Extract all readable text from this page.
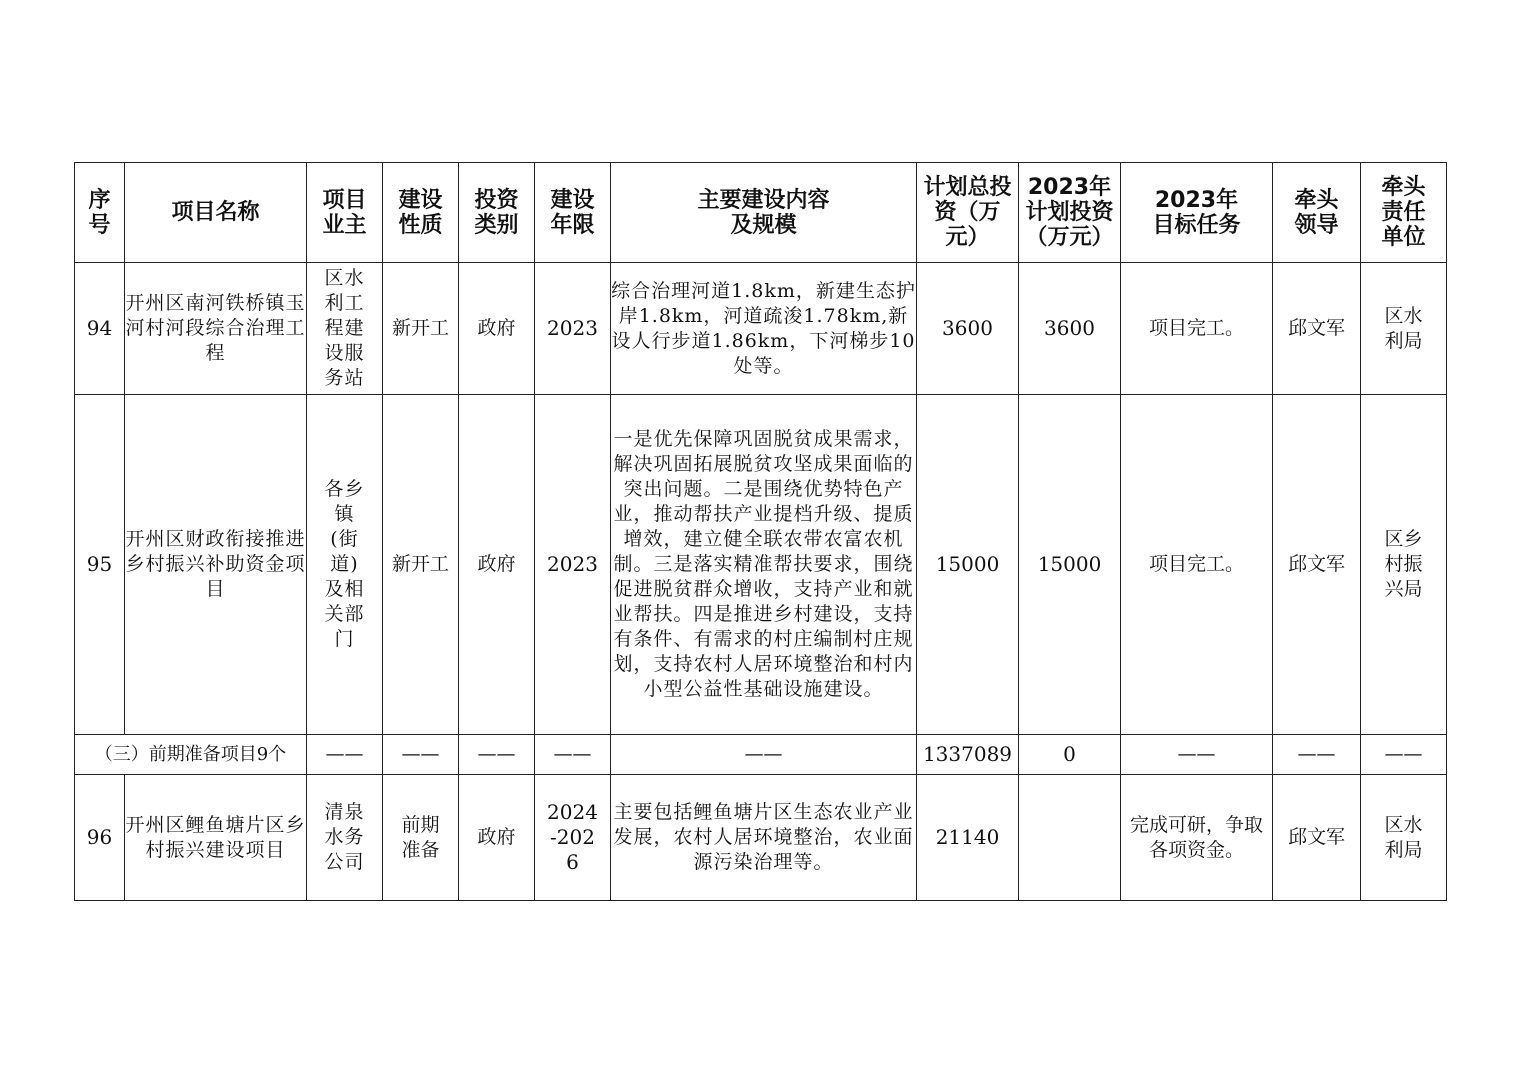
序号	项目名称	项目业主	建设性质	投资类别	建设年限	主要建设内容及规模	计划总投资（万元）	2023年计划投资（万元）	2023年目标任务	牵头领导	牵头责任单位
94	开州区南河铁桥镇玉河村河段综合治理工程	区水利工程建设服务站	新开工	政府	2023	综合治理河道1.8km，新建生态护岸1.8km，河道疏浚1.78km,新设人行步道1.86km，下河梯步10处等。	3600	3600	项目完工。	邱文军	区水利局
95	开州区财政衔接推进乡村振兴补助资金项目	各乡镇(街道)及相关部门	新开工	政府	2023	一是优先保障巩固脱贫成果需求，解决巩固拓展脱贫攻坚成果面临的突出问题。二是围绕优势特色产业，推动帮扶产业提档升级、提质增效，建立健全联农带农富农机制。三是落实精准帮扶要求，围绕促进脱贫群众增收，支持产业和就业帮扶。四是推进乡村建设，支持有条件、有需求的村庄编制村庄规划，支持农村人居环境整治和村内小型公益性基础设施建设。	15000	15000	项目完工。	邱文军	区乡村振兴局
（三）前期准备项目9个		——	——	——	——	——	1337089	0	——	——	——
96	开州区鲤鱼塘片区乡村振兴建设项目	清泉水务公司	前期准备	政府	2024-2026	主要包括鲤鱼塘片区生态农业产业发展，农村人居环境整治，农业面源污染治理等。	21140		完成可研，争取各项资金。	邱文军	区水利局
